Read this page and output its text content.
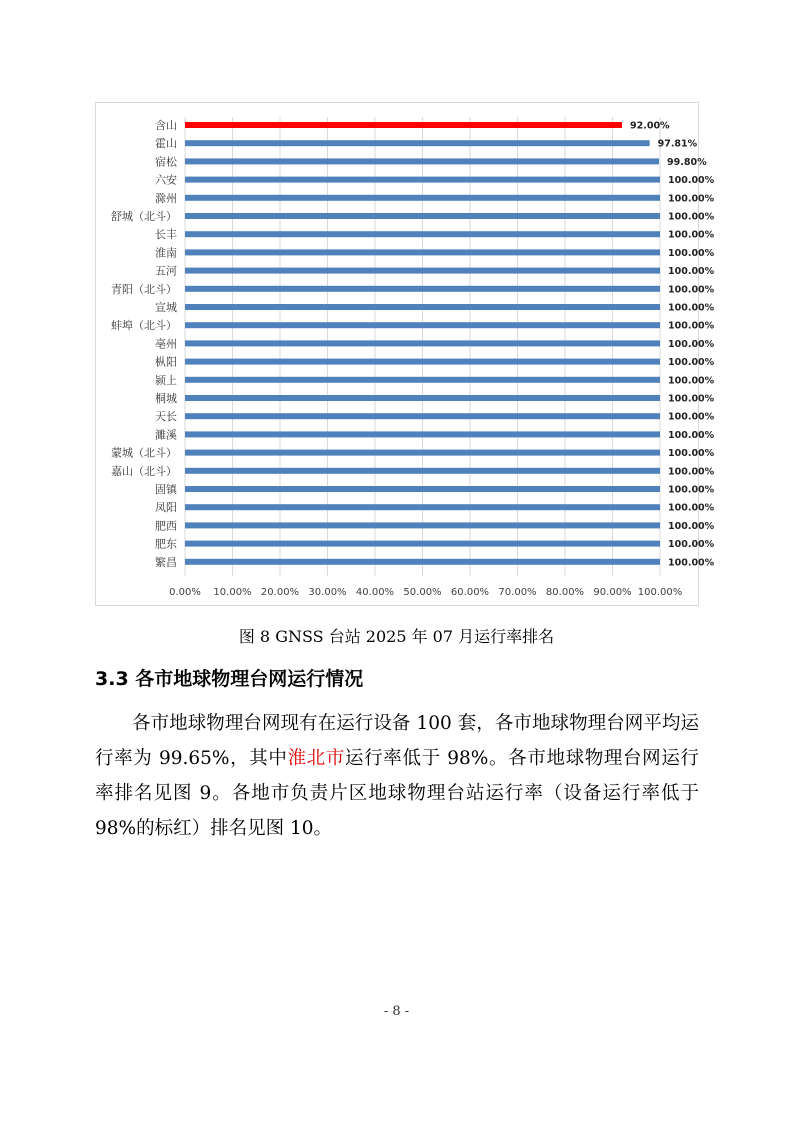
含山	92.00%
霍山	97.81%
宿松	99.80%
六安	100.00%
滁州	100.00%
舒城（北斗）	100.00%
长丰	100.00%
淮南	100.00%
五河	100.00%
青阳（北斗）	100.00%
宣城	100.00%
蚌埠（北斗）	100.00%
亳州	100.00%
枞阳	100.00%
颍上	100.00%
桐城	100.00%
天长	100.00%
濉溪	100.00%
蒙城（北斗）	100.00%
嘉山（北斗）	100.00%
固镇	100.00%
凤阳	100.00%
肥西	100.00%
肥东	100.00%
繁昌	100.00%
0.00% 10.00% 20.00% 30.00% 40.00% 50.00% 60.00% 70.00% 80.00% 90.00% 100.00%
图 8 GNSS 台站 2025 年 07 月运行率排名
3.3 各市地球物理台网运行情况
各市地球物理台网现有在运行设备 100 套，各市地球物理台网平均运行率为 99.65%，其中淮北市运行率低于 98%。各市地球物理台网运行率排名见图 9。各地市负责片区地球物理台站运行率（设备运行率低于 98%的标红）排名见图 10。
- 8 -
